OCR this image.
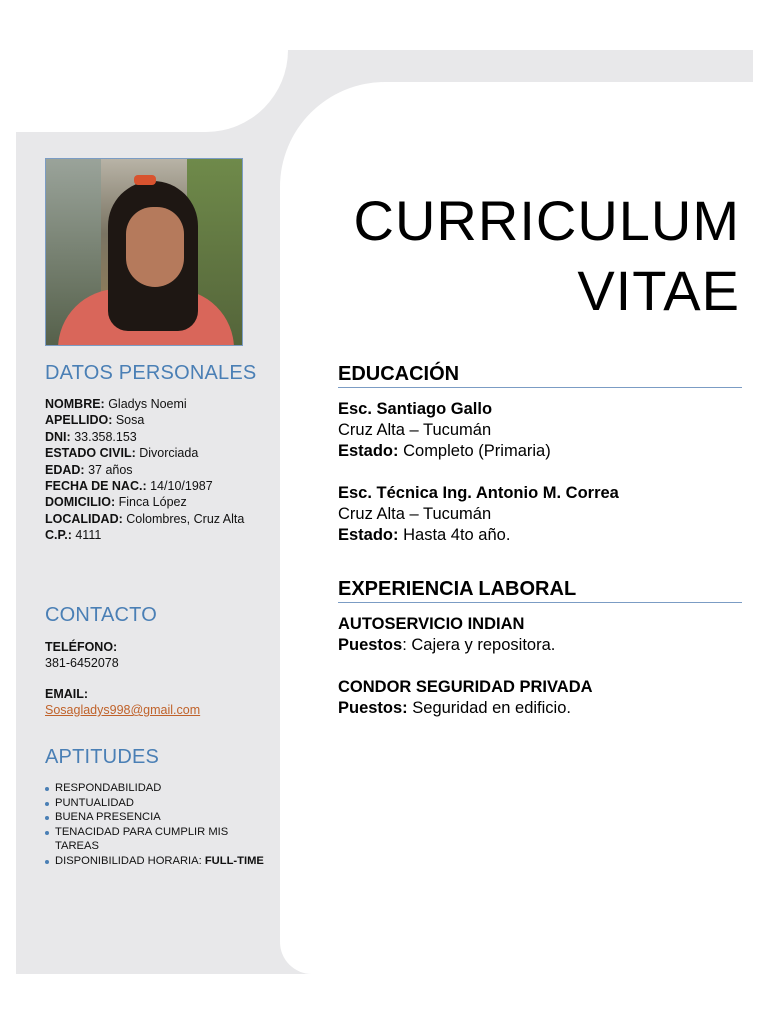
DATOS PERSONALES

NOMBRE: Gladys Noemi

APELLIDO: Sosa

DNI: 33.358.153

ESTADO CIVIL: Divorciada

EDAD: 37 años

FECHA DE NAC.: 14/10/1987

DOMICILIO: Finca López

LOCALIDAD: Colombres, Cruz Alta

C.P.: 4111

CONTACTO
TELÉFONO:
381-6452078
EMAIL:
Sosagladys998@gmail.com
APTITUDES
RESPONDABILIDAD
PUNTUALIDAD
BUENA PRESENCIA
TENACIDAD PARA CUMPLIR MIS TAREAS
DISPONIBILIDAD HORARIA: FULL-TIME
CURRICULUM
VITAE
EDUCACIÓN

Esc. Santiago Gallo

Cruz Alta – Tucumán

Estado: Completo (Primaria)

Esc. Técnica Ing. Antonio M. Correa

Cruz Alta – Tucumán

Estado: Hasta 4to año.

EXPERIENCIA LABORAL

AUTOSERVICIO INDIAN

Puestos: Cajera y repositora.

CONDOR SEGURIDAD PRIVADA

Puestos: Seguridad en edificio.
